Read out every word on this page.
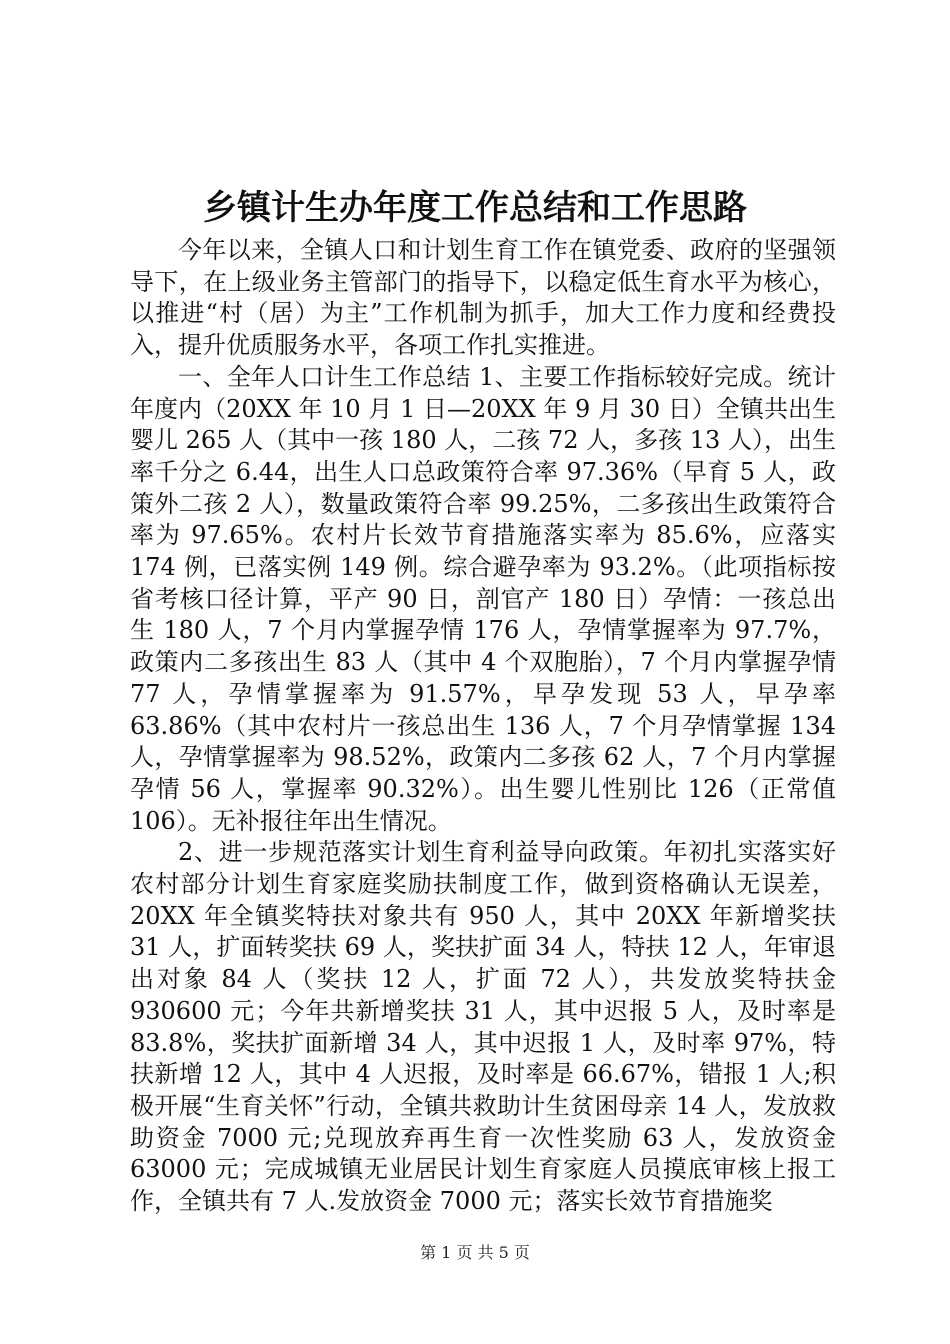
乡镇计生办年度工作总结和工作思路

今年以来，全镇人口和计划生育工作在镇党委、政府的坚强领导下，在上级业务主管部门的指导下，以稳定低生育水平为核心，以推进“村（居）为主”工作机制为抓手，加大工作力度和经费投入，提升优质服务水平，各项工作扎实推进。

一、全年人口计生工作总结 1、主要工作指标较好完成。统计年度内（20XX 年 10 月 1 日—20XX 年 9 月 30 日）全镇共出生婴儿 265 人（其中一孩 180 人，二孩 72 人，多孩 13 人），出生率千分之 6.44，出生人口总政策符合率 97.36%（早育 5 人，政策外二孩 2 人），数量政策符合率 99.25%，二多孩出生政策符合率为 97.65%。农村片长效节育措施落实率为 85.6%，应落实 174 例，已落实例 149 例。综合避孕率为 93.2%。（此项指标按省考核口径计算，平产 90 日，剖官产 180 日）孕情：一孩总出生 180 人，7 个月内掌握孕情 176 人，孕情掌握率为 97.7%，政策内二多孩出生 83 人（其中 4 个双胞胎），7 个月内掌握孕情 77 人，孕情掌握率为 91.57%，早孕发现 53 人，早孕率 63.86%（其中农村片一孩总出生 136 人，7 个月孕情掌握 134 人，孕情掌握率为 98.52%，政策内二多孩 62 人，7 个月内掌握孕情 56 人，掌握率 90.32%）。出生婴儿性别比 126（正常值 106）。无补报往年出生情况。

2、进一步规范落实计划生育利益导向政策。年初扎实落实好农村部分计划生育家庭奖励扶制度工作，做到资格确认无误差，20XX 年全镇奖特扶对象共有 950 人，其中 20XX 年新增奖扶 31 人，扩面转奖扶 69 人，奖扶扩面 34 人，特扶 12 人，年审退出对象 84 人（奖扶 12 人，扩面 72 人），共发放奖特扶金 930600 元；今年共新增奖扶 31 人，其中迟报 5 人，及时率是 83.8%，奖扶扩面新增 34 人，其中迟报 1 人，及时率 97%，特扶新增 12 人，其中 4 人迟报，及时率是 66.67%，错报 1 人;积极开展“生育关怀”行动，全镇共救助计生贫困母亲 14 人，发放救助资金 7000 元;兑现放弃再生育一次性奖励 63 人，发放资金 63000 元；完成城镇无业居民计划生育家庭人员摸底审核上报工作，全镇共有 7 人.发放资金 7000 元；落实长效节育措施奖

第 1 页 共 5 页
